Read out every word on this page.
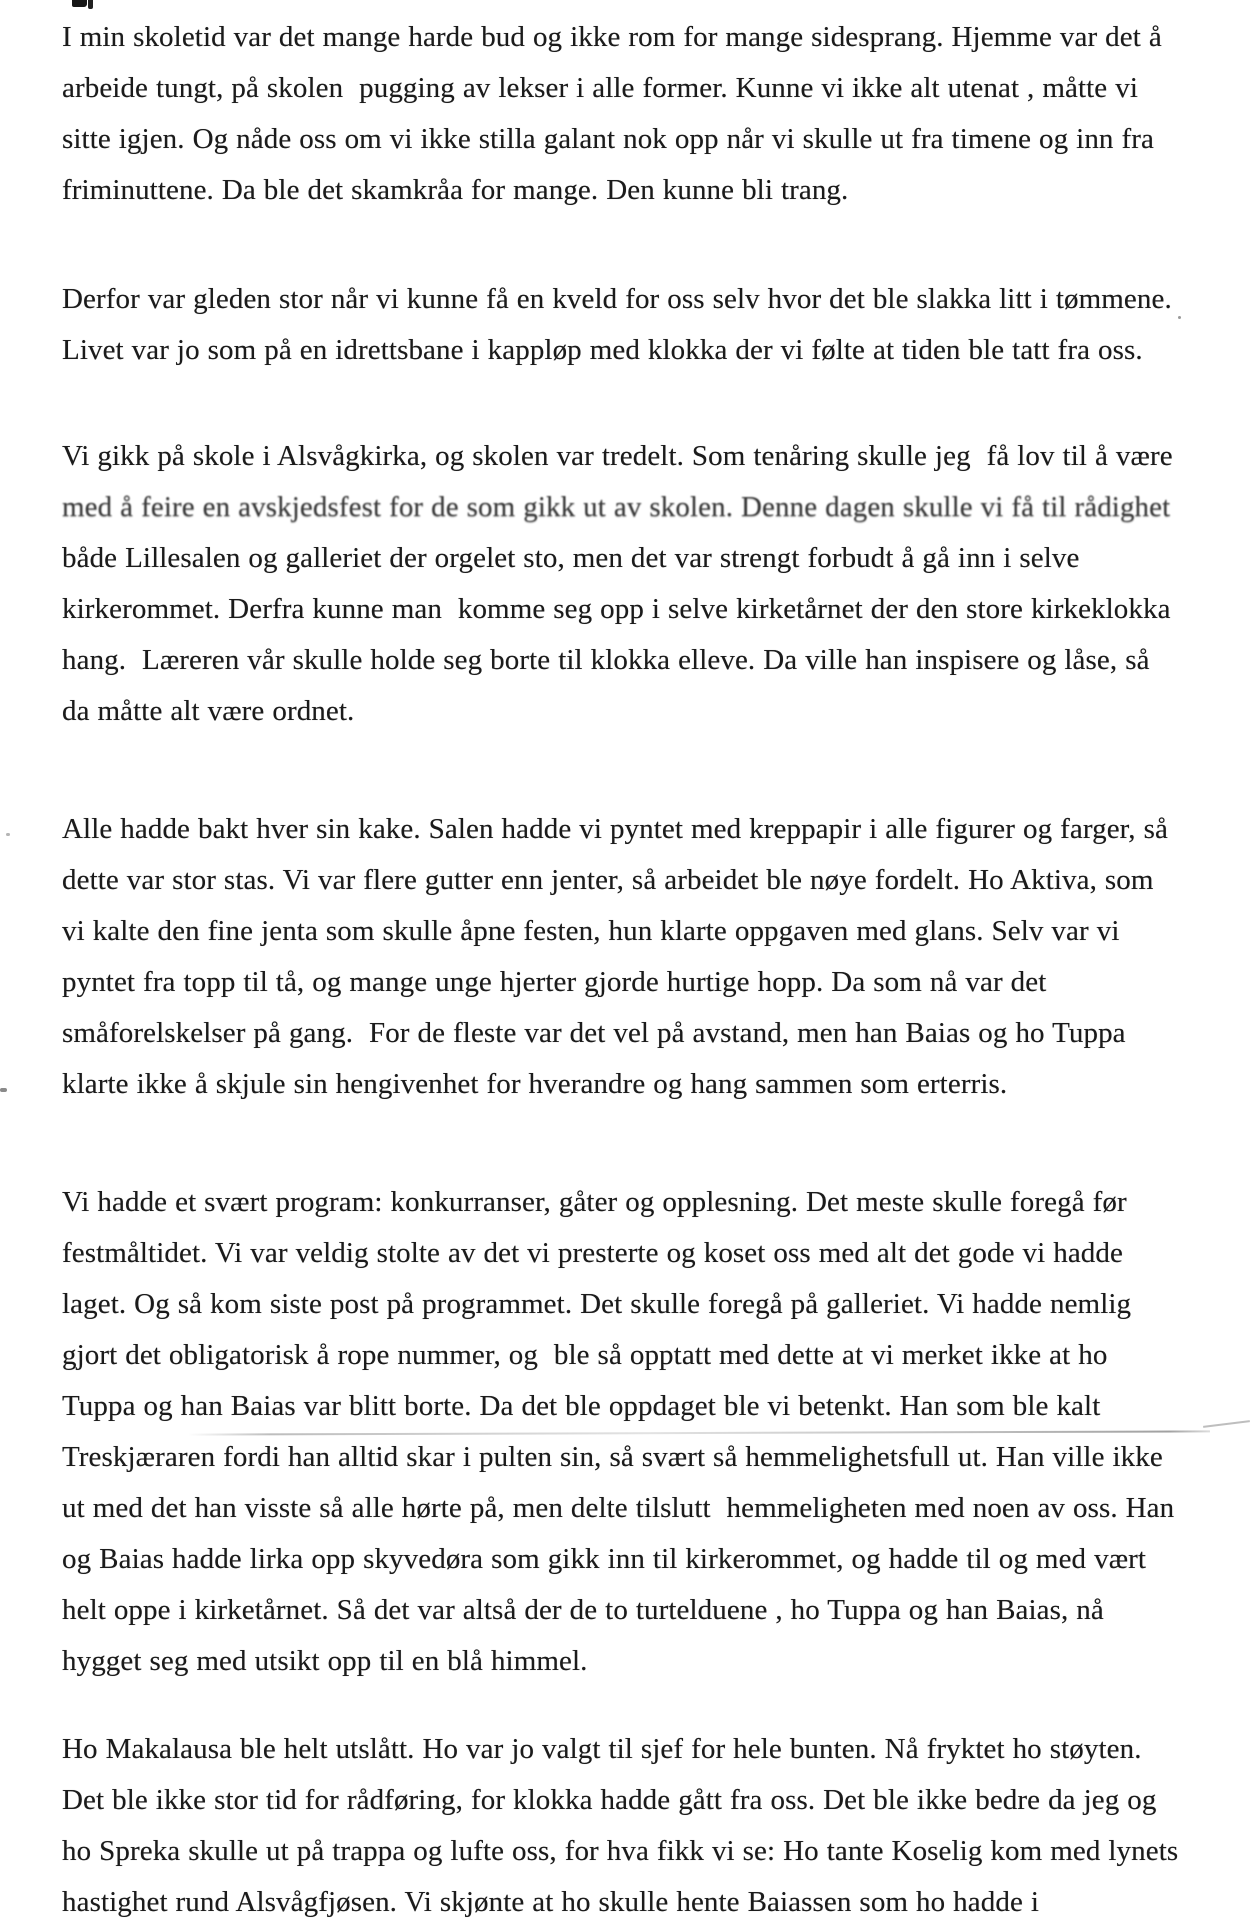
I min skoletid var det mange harde bud og ikke rom for mange sidesprang. Hjemme var det å
arbeide tungt, på skolen  pugging av lekser i alle former. Kunne vi ikke alt utenat , måtte vi
sitte igjen. Og nåde oss om vi ikke stilla galant nok opp når vi skulle ut fra timene og inn fra
friminuttene. Da ble det skamkråa for mange. Den kunne bli trang.
Derfor var gleden stor når vi kunne få en kveld for oss selv hvor det ble slakka litt i tømmene.
Livet var jo som på en idrettsbane i kappløp med klokka der vi følte at tiden ble tatt fra oss.
Vi gikk på skole i Alsvågkirka, og skolen var tredelt. Som tenåring skulle jeg  få lov til å være
med å feire en avskjedsfest for de som gikk ut av skolen. Denne dagen skulle vi få til rådighet
både Lillesalen og galleriet der orgelet sto, men det var strengt forbudt å gå inn i selve
kirkerommet. Derfra kunne man  komme seg opp i selve kirketårnet der den store kirkeklokka
hang.  Læreren vår skulle holde seg borte til klokka elleve. Da ville han inspisere og låse, så
da måtte alt være ordnet.
Alle hadde bakt hver sin kake. Salen hadde vi pyntet med kreppapir i alle figurer og farger, så
dette var stor stas. Vi var flere gutter enn jenter, så arbeidet ble nøye fordelt. Ho Aktiva, som
vi kalte den fine jenta som skulle åpne festen, hun klarte oppgaven med glans. Selv var vi
pyntet fra topp til tå, og mange unge hjerter gjorde hurtige hopp. Da som nå var det
småforelskelser på gang.  For de fleste var det vel på avstand, men han Baias og ho Tuppa
klarte ikke å skjule sin hengivenhet for hverandre og hang sammen som erterris.
Vi hadde et svært program: konkurranser, gåter og opplesning. Det meste skulle foregå før
festmåltidet. Vi var veldig stolte av det vi presterte og koset oss med alt det gode vi hadde
laget. Og så kom siste post på programmet. Det skulle foregå på galleriet. Vi hadde nemlig
gjort det obligatorisk å rope nummer, og  ble så opptatt med dette at vi merket ikke at ho
Tuppa og han Baias var blitt borte. Da det ble oppdaget ble vi betenkt. Han som ble kalt
Treskjæraren fordi han alltid skar i pulten sin, så svært så hemmelighetsfull ut. Han ville ikke
ut med det han visste så alle hørte på, men delte tilslutt  hemmeligheten med noen av oss. Han
og Baias hadde lirka opp skyvedøra som gikk inn til kirkerommet, og hadde til og med vært
helt oppe i kirketårnet. Så det var altså der de to turtelduene , ho Tuppa og han Baias, nå
hygget seg med utsikt opp til en blå himmel.
Ho Makalausa ble helt utslått. Ho var jo valgt til sjef for hele bunten. Nå fryktet ho støyten.
Det ble ikke stor tid for rådføring, for klokka hadde gått fra oss. Det ble ikke bedre da jeg og
ho Spreka skulle ut på trappa og lufte oss, for hva fikk vi se: Ho tante Koselig kom med lynets
hastighet rund Alsvågfjøsen. Vi skjønte at ho skulle hente Baiassen som ho hadde i
